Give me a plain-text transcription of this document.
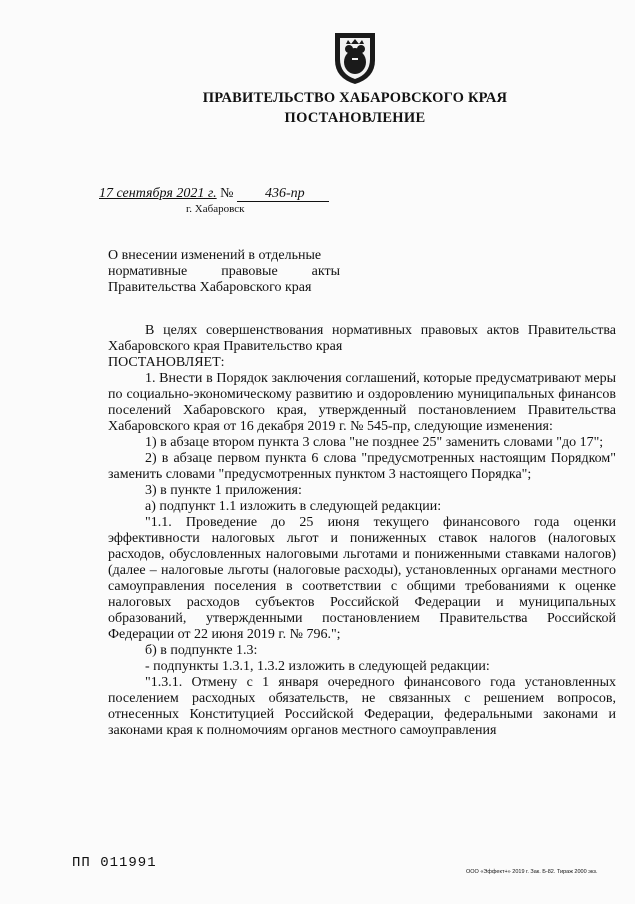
ПРАВИТЕЛЬСТВО ХАБАРОВСКОГО КРАЯ
ПОСТАНОВЛЕНИЕ
17 сентября 2021 г. № 436-пр
г. Хабаровск
О внесении изменений в отдельные
нормативные правовые акты
Правительства Хабаровского края

В целях совершенствования нормативных правовых актов Правительства Хабаровского края Правительство края

ПОСТАНОВЛЯЕТ:

1. Внести в Порядок заключения соглашений, которые предусматривают меры по социально-экономическому развитию и оздоровлению муниципальных финансов поселений Хабаровского края, утвержденный постановлением Правительства Хабаровского края от 16 декабря 2019 г. № 545-пр, следующие изменения:

1) в абзаце втором пункта 3 слова "не позднее 25" заменить словами "до 17";

2) в абзаце первом пункта 6 слова "предусмотренных настоящим Порядком" заменить словами "предусмотренных пунктом 3 настоящего Порядка";

3) в пункте 1 приложения:

а) подпункт 1.1 изложить в следующей редакции:

"1.1. Проведение до 25 июня текущего финансового года оценки эффективности налоговых льгот и пониженных ставок налогов (налоговых расходов, обусловленных налоговыми льготами и пониженными ставками налогов) (далее – налоговые льготы (налоговые расходы), установленных органами местного самоуправления поселения в соответствии с общими требованиями к оценке налоговых расходов субъектов Российской Федерации и муниципальных образований, утвержденными постановлением Правительства Российской Федерации от 22 июня 2019 г. № 796.";

б) в подпункте 1.3:

- подпункты 1.3.1, 1.3.2 изложить в следующей редакции:

"1.3.1. Отмену с 1 января очередного финансового года установленных поселением расходных обязательств, не связанных с решением вопросов, отнесенных Конституцией Российской Федерации, федеральными законами и законами края к полномочиям органов местного самоуправления

ПП 011991
ООО «Эффект+» 2019 г. Зак. Б-82. Тираж 2000 экз.
